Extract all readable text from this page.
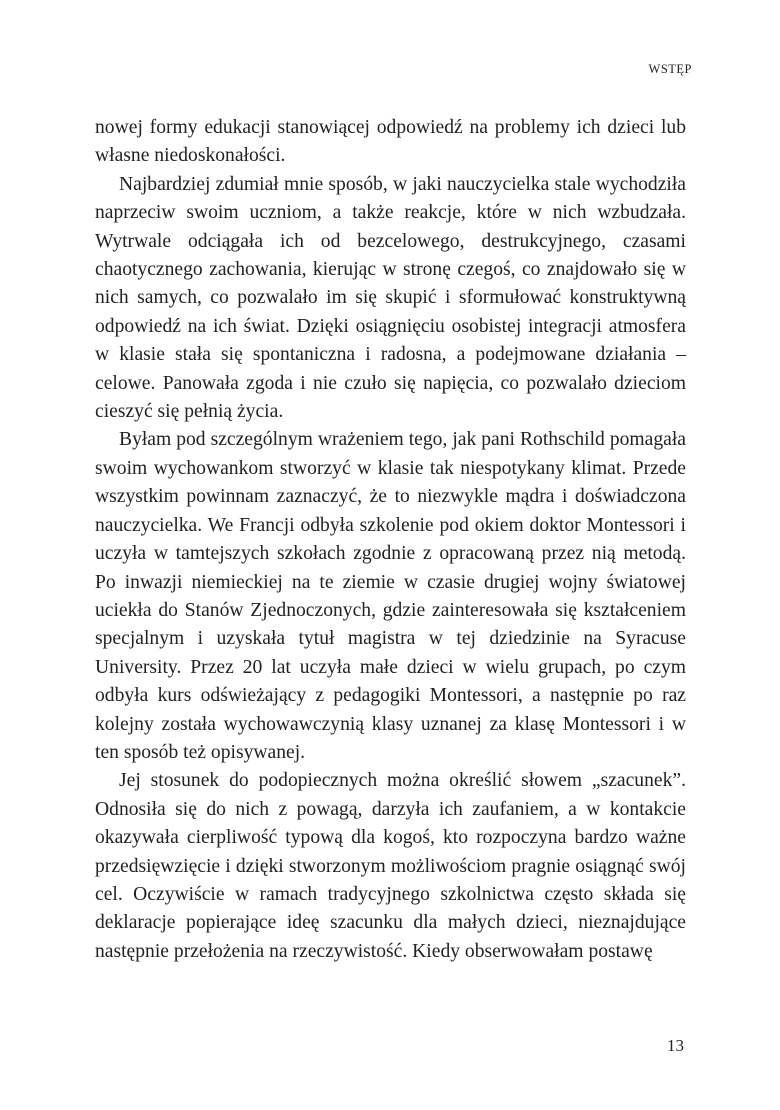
WSTĘP

nowej formy edukacji stanowiącej odpowiedź na problemy ich dzieci lub własne niedoskonałości.

Najbardziej zdumiał mnie sposób, w jaki nauczycielka stale wychodziła naprzeciw swoim uczniom, a także reakcje, które w nich wzbudzała. Wytrwale odciągała ich od bezcelowego, destrukcyjnego, czasami chaotycznego zachowania, kierując w stronę czegoś, co znajdowało się w nich samych, co pozwalało im się skupić i sformułować konstruktywną odpowiedź na ich świat. Dzięki osiągnięciu osobistej integracji atmosfera w klasie stała się spontaniczna i radosna, a podejmowane działania – celowe. Panowała zgoda i nie czuło się napięcia, co pozwalało dzieciom cieszyć się pełnią życia.

Byłam pod szczególnym wrażeniem tego, jak pani Rothschild pomagała swoim wychowankom stworzyć w klasie tak niespotykany klimat. Przede wszystkim powinnam zaznaczyć, że to niezwykle mądra i doświadczona nauczycielka. We Francji odbyła szkolenie pod okiem doktor Montessori i uczyła w tamtejszych szkołach zgodnie z opracowaną przez nią metodą. Po inwazji niemieckiej na te ziemie w czasie drugiej wojny światowej uciekła do Stanów Zjednoczonych, gdzie zainteresowała się kształceniem specjalnym i uzyskała tytuł magistra w tej dziedzinie na Syracuse University. Przez 20 lat uczyła małe dzieci w wielu grupach, po czym odbyła kurs odświeżający z pedagogiki Montessori, a następnie po raz kolejny została wychowawczynią klasy uznanej za klasę Montessori i w ten sposób też opisywanej.

Jej stosunek do podopiecznych można określić słowem „szacunek”. Odnosiła się do nich z powagą, darzyła ich zaufaniem, a w kontakcie okazywała cierpliwość typową dla kogoś, kto rozpoczyna bardzo ważne przedsięwzięcie i dzięki stworzonym możliwościom pragnie osiągnąć swój cel. Oczywiście w ramach tradycyjnego szkolnictwa często składa się deklaracje popierające ideę szacunku dla małych dzieci, nieznajdujące następnie przełożenia na rzeczywistość. Kiedy obserwowałam postawę

13
